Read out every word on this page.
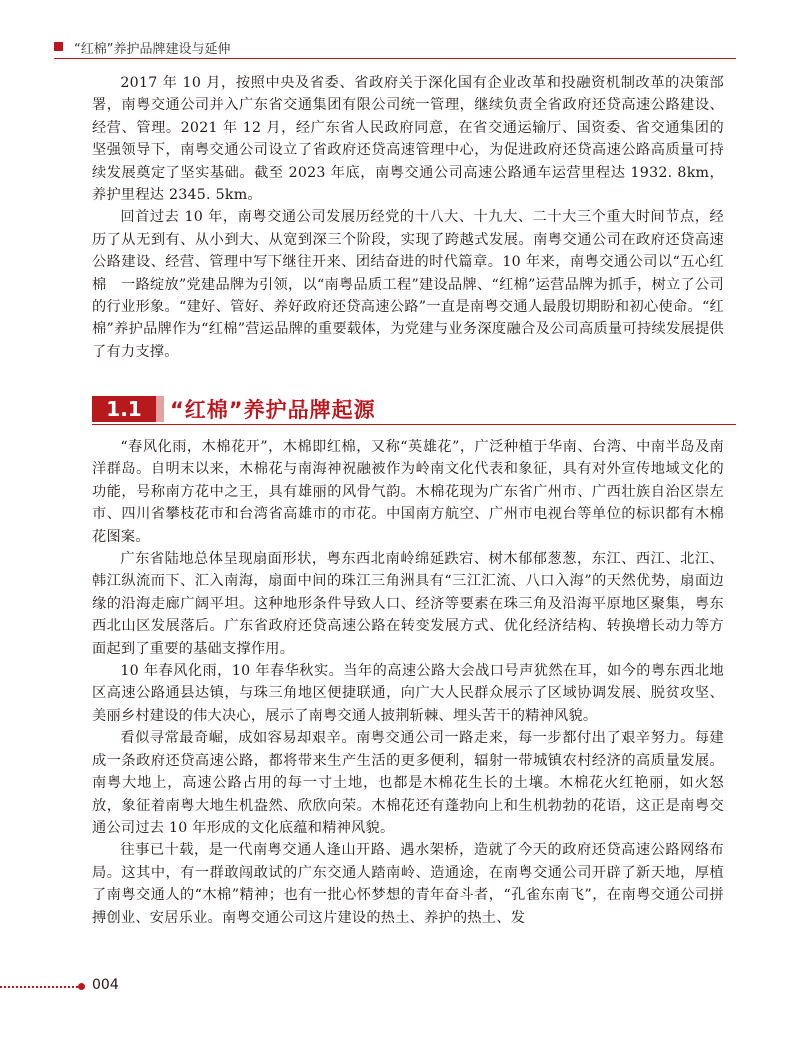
“红棉”养护品牌建设与延伸

2017 年 10 月，按照中央及省委、省政府关于深化国有企业改革和投融资机制改革的决策部署，南粤交通公司并入广东省交通集团有限公司统一管理，继续负责全省政府还贷高速公路建设、经营、管理。2021 年 12 月，经广东省人民政府同意，在省交通运输厅、国资委、省交通集团的坚强领导下，南粤交通公司设立了省政府还贷高速管理中心，为促进政府还贷高速公路高质量可持续发展奠定了坚实基础。截至 2023 年底，南粤交通公司高速公路通车运营里程达 1932. 8km，养护里程达 2345. 5km。

回首过去 10 年，南粤交通公司发展历经党的十八大、十九大、二十大三个重大时间节点，经历了从无到有、从小到大、从宽到深三个阶段，实现了跨越式发展。南粤交通公司在政府还贷高速公路建设、经营、管理中写下继往开来、团结奋进的时代篇章。10 年来，南粤交通公司以“五心红棉　一路绽放”党建品牌为引领，以“南粤品质工程”建设品牌、“红棉”运营品牌为抓手，树立了公司的行业形象。“建好、管好、养好政府还贷高速公路”一直是南粤交通人最殷切期盼和初心使命。“红棉”养护品牌作为“红棉”营运品牌的重要载体，为党建与业务深度融合及公司高质量可持续发展提供了有力支撑。

1.1	“红棉”养护品牌起源

“春风化雨，木棉花开”，木棉即红棉，又称“英雄花”，广泛种植于华南、台湾、中南半岛及南洋群岛。自明末以来，木棉花与南海神祝融被作为岭南文化代表和象征，具有对外宣传地域文化的功能，号称南方花中之王，具有雄丽的风骨气韵。木棉花现为广东省广州市、广西壮族自治区崇左市、四川省攀枝花市和台湾省高雄市的市花。中国南方航空、广州市电视台等单位的标识都有木棉花图案。

广东省陆地总体呈现扇面形状，粤东西北南岭绵延跌宕、树木郁郁葱葱，东江、西江、北江、韩江纵流而下、汇入南海，扇面中间的珠江三角洲具有“三江汇流、八口入海”的天然优势，扇面边缘的沿海走廊广阔平坦。这种地形条件导致人口、经济等要素在珠三角及沿海平原地区聚集，粤东西北山区发展落后。广东省政府还贷高速公路在转变发展方式、优化经济结构、转换增长动力等方面起到了重要的基础支撑作用。

10 年春风化雨，10 年春华秋实。当年的高速公路大会战口号声犹然在耳，如今的粤东西北地区高速公路通县达镇，与珠三角地区便捷联通，向广大人民群众展示了区域协调发展、脱贫攻坚、美丽乡村建设的伟大决心，展示了南粤交通人披荆斩棘、埋头苦干的精神风貌。

看似寻常最奇崛，成如容易却艰辛。南粤交通公司一路走来，每一步都付出了艰辛努力。每建成一条政府还贷高速公路，都将带来生产生活的更多便利，辐射一带城镇农村经济的高质量发展。南粤大地上，高速公路占用的每一寸土地，也都是木棉花生长的土壤。木棉花火红艳丽，如火怒放，象征着南粤大地生机盎然、欣欣向荣。木棉花还有蓬勃向上和生机勃勃的花语，这正是南粤交通公司过去 10 年形成的文化底蕴和精神风貌。

往事已十载，是一代南粤交通人逢山开路、遇水架桥，造就了今天的政府还贷高速公路网络布局。这其中，有一群敢闯敢试的广东交通人踏南岭、造通途，在南粤交通公司开辟了新天地，厚植了南粤交通人的“木棉”精神；也有一批心怀梦想的青年奋斗者，“孔雀东南飞”，在南粤交通公司拼搏创业、安居乐业。南粤交通公司这片建设的热土、养护的热土、发

004
